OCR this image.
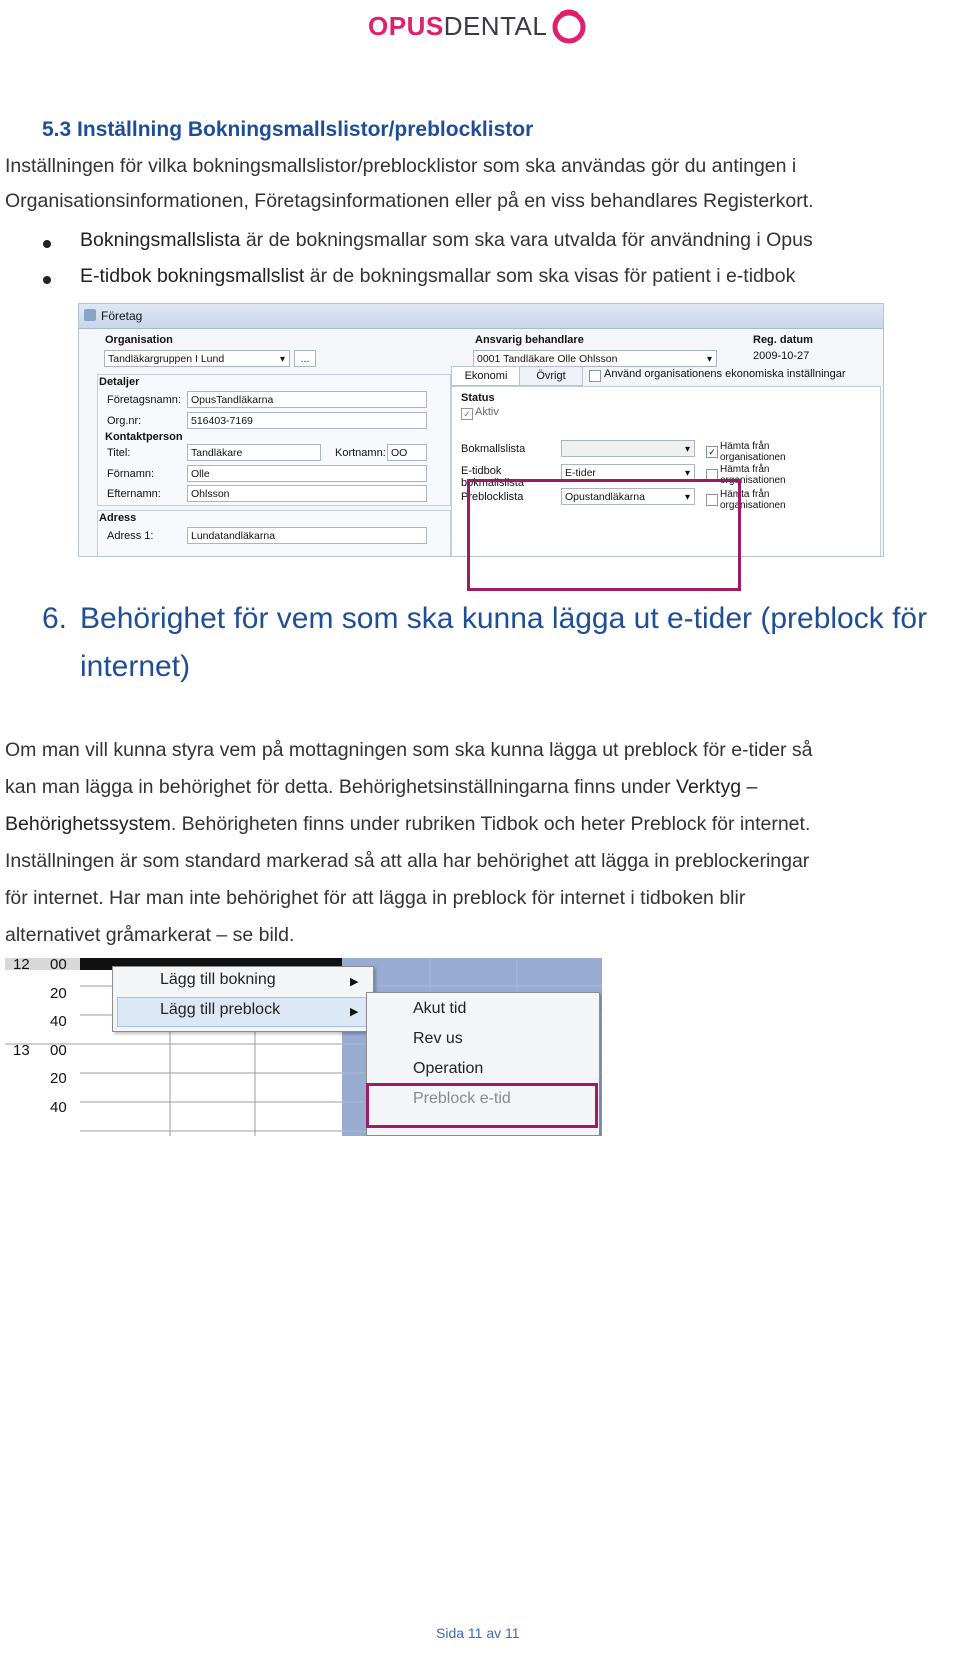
OPUS DENTAL
5.3 Inställning Bokningsmallslistor/preblocklistor
Inställningen för vilka bokningsmallslistor/preblocklistor som ska användas gör du antingen i
Organisationsinformationen, Företagsinformationen eller på en viss behandlares Registerkort.
Bokningsmallslista är de bokningsmallar som ska vara utvalda för användning i Opus
E-tidbok bokningsmallslist är de bokningsmallar som ska visas för patient i e-tidbok
Företag
Organisation
Tandläkargruppen I Lund ▾	...
Ansvarig behandlare
0001 Tandläkare Olle Ohlsson ▾
Reg. datum
2009-10-27
Detaljer
Företagsnamn: OpusTandläkarna
Org.nr:	516403-7169
Kontaktperson
Titel:	Tandläkare	Kortnamn: OO
Förnamn:	Olle
Efternamn:	Ohlsson
Adress
Adress 1:	Lundatandläkarna
Ekonomi	Övrigt	Använd organisationens ekonomiska inställningar
Status
✓ Aktiv
Bokmallslista
▾	✓ Hämta från
organisationen
E-tidbok
bokmallslista
E-tider ▾	Hämta från
organisationen
Preblocklista	Opustandläkarna ▾	Hämta från
organisationen
6. Behörighet för vem som ska kunna lägga ut e-tider (preblock för
internet)
Om man vill kunna styra vem på mottagningen som ska kunna lägga ut preblock för e-tider så
kan man lägga in behörighet för detta. Behörighetsinställningarna finns under Verktyg –
Behörighetssystem. Behörigheten finns under rubriken Tidbok och heter Preblock för internet.
Inställningen är som standard markerad så att alla har behörighet att lägga in preblockeringar
för internet. Har man inte behörighet för att lägga in preblock för internet i tidboken blir
alternativet gråmarkerat – se bild.
12 00
20
40
13 00
20
40
Lägg till bokning	▶
Lägg till preblock	▶	Akut tid
Rev us
Operation
Preblock e-tid
Sida 11 av 11
